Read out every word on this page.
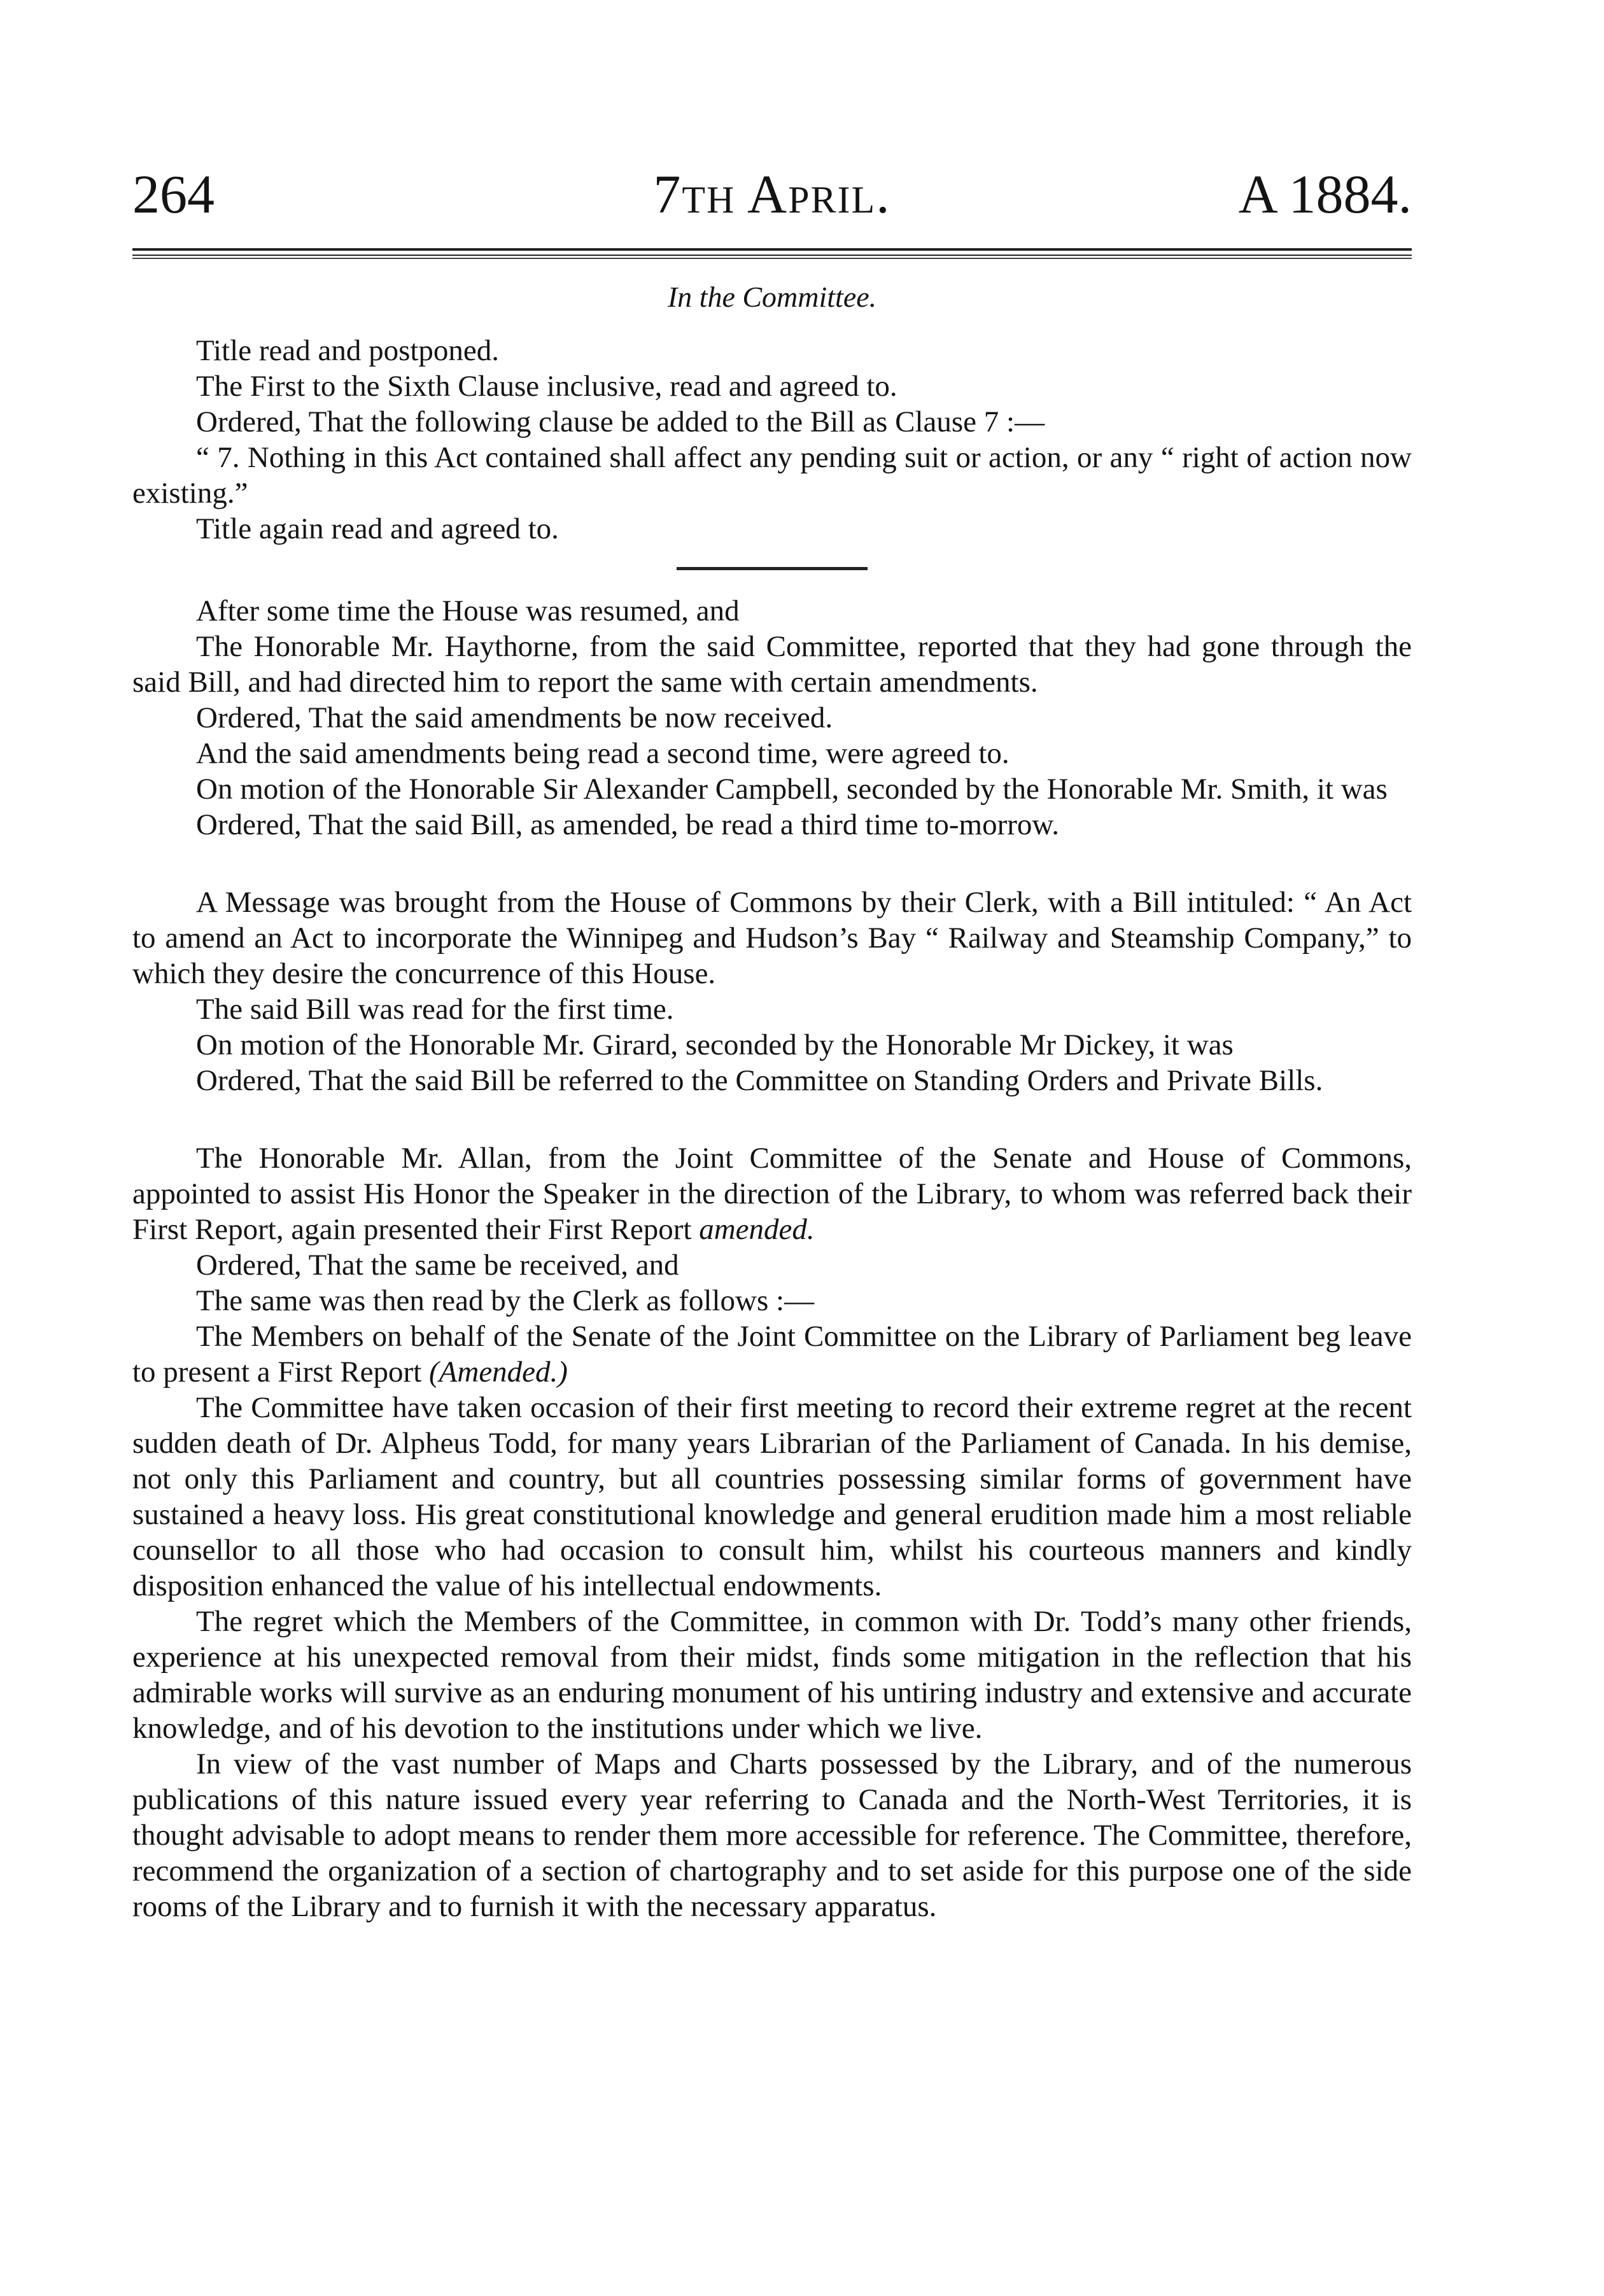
264	7th April.	A 1884.
In the Committee.

Title read and postponed.

The First to the Sixth Clause inclusive, read and agreed to.

Ordered, That the following clause be added to the Bill as Clause 7 :—

“ 7. Nothing in this Act contained shall affect any pending suit or action, or any “ right of action now existing.”

Title again read and agreed to.

After some time the House was resumed, and

The Honorable Mr. Haythorne, from the said Committee, reported that they had gone through the said Bill, and had directed him to report the same with certain amendments.

Ordered, That the said amendments be now received.

And the said amendments being read a second time, were agreed to.

On motion of the Honorable Sir Alexander Campbell, seconded by the Honorable Mr. Smith, it was

Ordered, That the said Bill, as amended, be read a third time to-morrow.

A Message was brought from the House of Commons by their Clerk, with a Bill intituled: “ An Act to amend an Act to incorporate the Winnipeg and Hudson’s Bay “ Railway and Steamship Company,” to which they desire the concurrence of this House.

The said Bill was read for the first time.

On motion of the Honorable Mr. Girard, seconded by the Honorable Mr Dickey, it was

Ordered, That the said Bill be referred to the Committee on Standing Orders and Private Bills.

The Honorable Mr. Allan, from the Joint Committee of the Senate and House of Commons, appointed to assist His Honor the Speaker in the direction of the Library, to whom was referred back their First Report, again presented their First Report amended.

Ordered, That the same be received, and

The same was then read by the Clerk as follows :—

The Members on behalf of the Senate of the Joint Committee on the Library of Parliament beg leave to present a First Report (Amended.)

The Committee have taken occasion of their first meeting to record their extreme regret at the recent sudden death of Dr. Alpheus Todd, for many years Librarian of the Parliament of Canada. In his demise, not only this Parliament and country, but all countries possessing similar forms of government have sustained a heavy loss. His great constitutional knowledge and general erudition made him a most reliable counsellor to all those who had occasion to consult him, whilst his courteous manners and kindly disposition enhanced the value of his intellectual endowments.

The regret which the Members of the Committee, in common with Dr. Todd’s many other friends, experience at his unexpected removal from their midst, finds some mitigation in the reflection that his admirable works will survive as an enduring monument of his untiring industry and extensive and accurate knowledge, and of his devotion to the institutions under which we live.

In view of the vast number of Maps and Charts possessed by the Library, and of the numerous publications of this nature issued every year referring to Canada and the North-West Territories, it is thought advisable to adopt means to render them more accessible for reference. The Committee, therefore, recommend the organization of a section of chartography and to set aside for this purpose one of the side rooms of the Library and to furnish it with the necessary apparatus.
